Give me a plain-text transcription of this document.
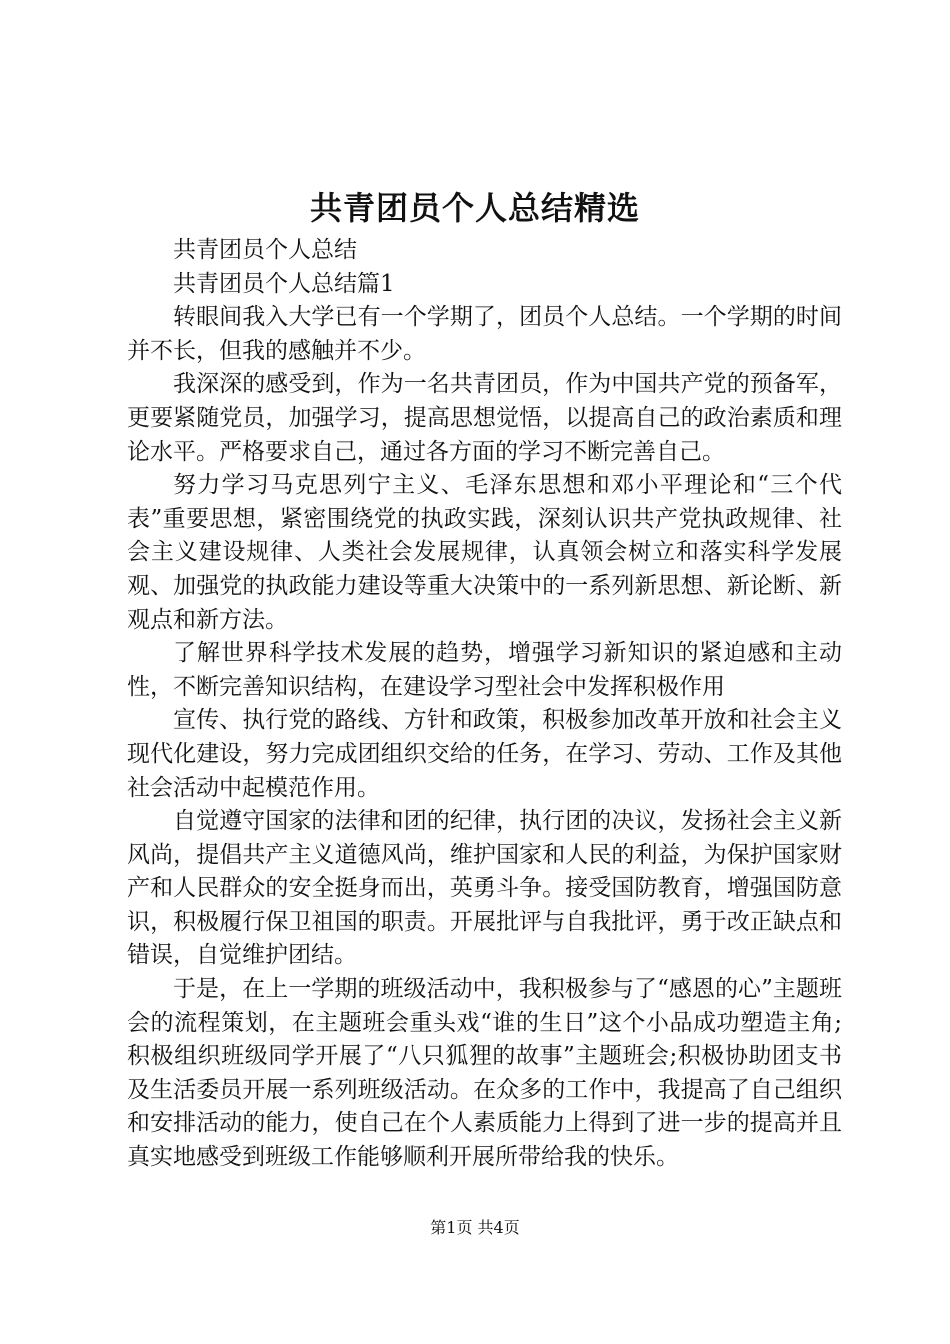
共青团员个人总结精选

共青团员个人总结

共青团员个人总结篇1

转眼间我入大学已有一个学期了，团员个人总结。一个学期的时间并不长，但我的感触并不少。

我深深的感受到，作为一名共青团员，作为中国共产党的预备军，更要紧随党员，加强学习，提高思想觉悟，以提高自己的政治素质和理论水平。严格要求自己，通过各方面的学习不断完善自己。

努力学习马克思列宁主义、毛泽东思想和邓小平理论和“三个代表”重要思想，紧密围绕党的执政实践，深刻认识共产党执政规律、社会主义建设规律、人类社会发展规律，认真领会树立和落实科学发展观、加强党的执政能力建设等重大决策中的一系列新思想、新论断、新观点和新方法。

了解世界科学技术发展的趋势，增强学习新知识的紧迫感和主动性，不断完善知识结构，在建设学习型社会中发挥积极作用

宣传、执行党的路线、方针和政策，积极参加改革开放和社会主义现代化建设，努力完成团组织交给的任务，在学习、劳动、工作及其他社会活动中起模范作用。

自觉遵守国家的法律和团的纪律，执行团的决议，发扬社会主义新风尚，提倡共产主义道德风尚，维护国家和人民的利益，为保护国家财产和人民群众的安全挺身而出，英勇斗争。接受国防教育，增强国防意识，积极履行保卫祖国的职责。开展批评与自我批评，勇于改正缺点和错误，自觉维护团结。

于是，在上一学期的班级活动中，我积极参与了“感恩的心”主题班会的流程策划，在主题班会重头戏“谁的生日”这个小品成功塑造主角;积极组织班级同学开展了“八只狐狸的故事”主题班会;积极协助团支书及生活委员开展一系列班级活动。在众多的工作中，我提高了自己组织和安排活动的能力，使自己在个人素质能力上得到了进一步的提高并且真实地感受到班级工作能够顺利开展所带给我的快乐。

第1页 共4页
